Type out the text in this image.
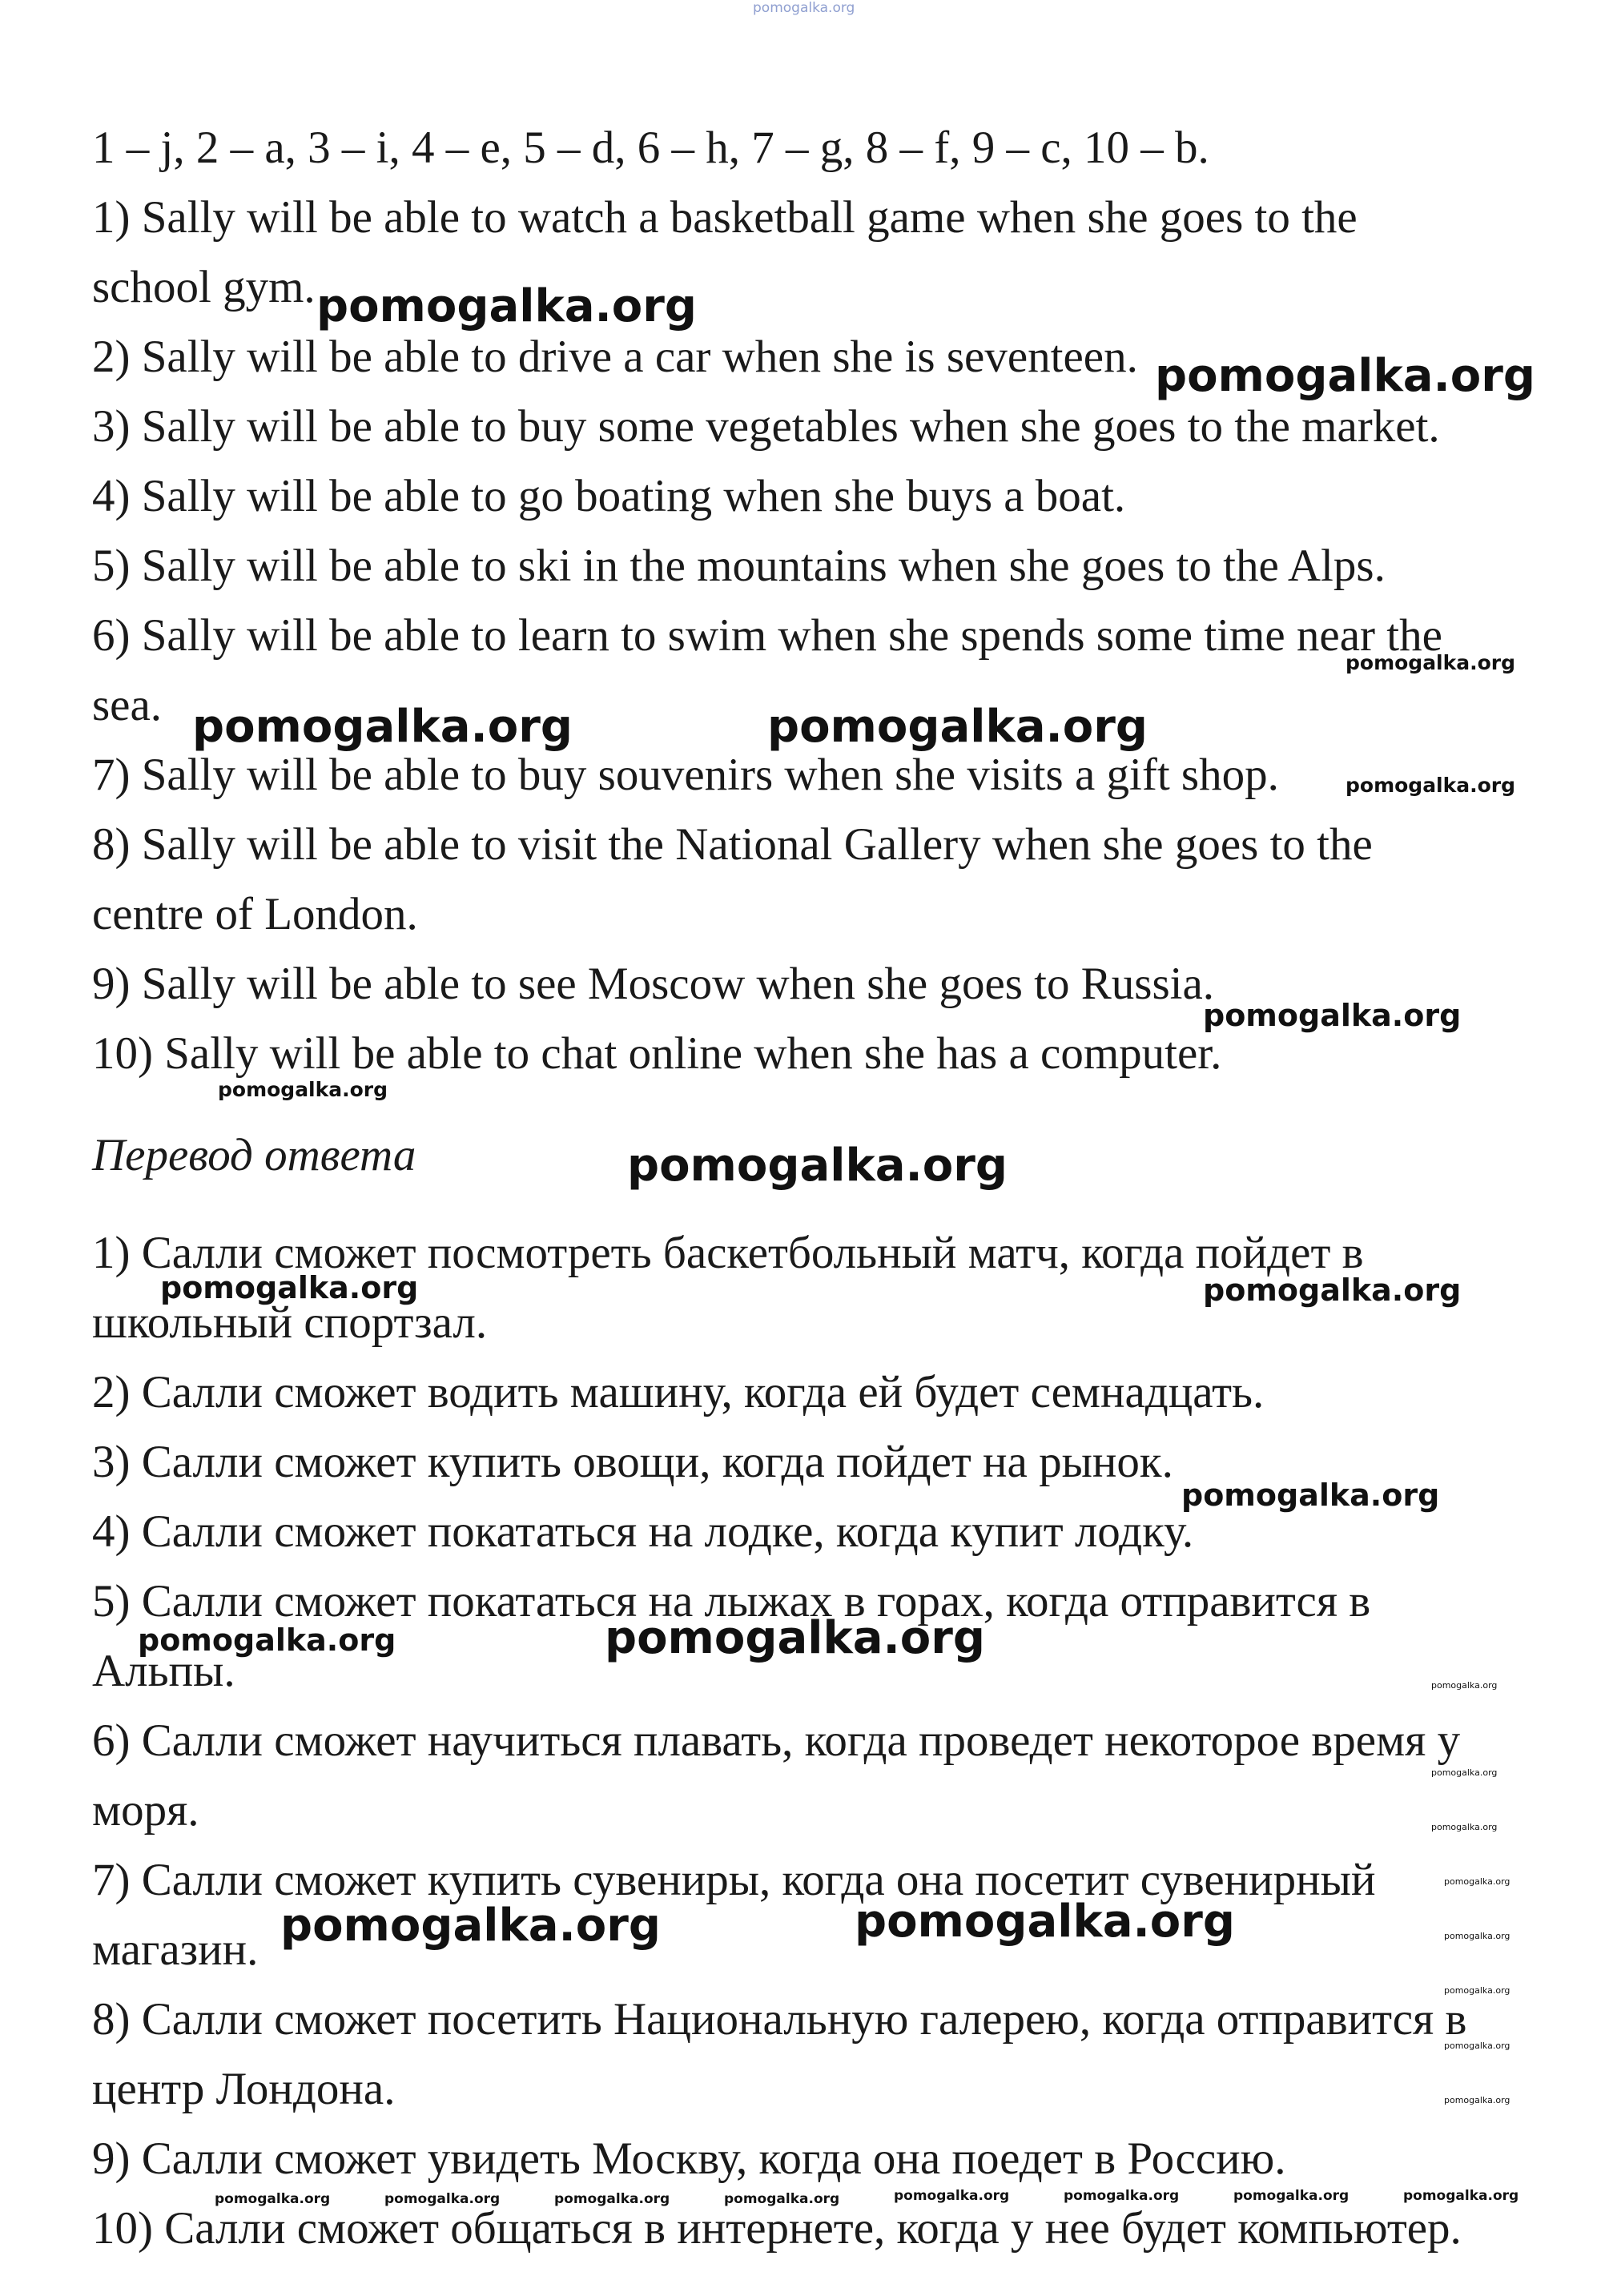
pomogalka.org

1 – j, 2 – a, 3 – i, 4 – e, 5 – d, 6 – h, 7 – g, 8 – f, 9 – c, 10 – b.

1) Sally will be able to watch a basketball game when she goes to the

school gym.

2) Sally will be able to drive a car when she is seventeen.

3) Sally will be able to buy some vegetables when she goes to the market.

4) Sally will be able to go boating when she buys a boat.

5) Sally will be able to ski in the mountains when she goes to the Alps.

6) Sally will be able to learn to swim when she spends some time near the

sea.

7) Sally will be able to buy souvenirs when she visits a gift shop.

8) Sally will be able to visit the National Gallery when she goes to the

centre of London.

9) Sally will be able to see Moscow when she goes to Russia.

10) Sally will be able to chat online when she has a computer.

Перевод ответа

1) Салли сможет посмотреть баскетбольный матч, когда пойдет в

школьный спортзал.

2) Салли сможет водить машину, когда ей будет семнадцать.

3) Салли сможет купить овощи, когда пойдет на рынок.

4) Салли сможет покататься на лодке, когда купит лодку.

5) Салли сможет покататься на лыжах в горах, когда отправится в

Альпы.

6) Салли сможет научиться плавать, когда проведет некоторое время у

моря.

7) Салли сможет купить сувениры, когда она посетит сувенирный

магазин.

8) Салли сможет посетить Национальную галерею, когда отправится в

центр Лондона.

9) Салли сможет увидеть Москву, когда она поедет в Россию.

10) Салли сможет общаться в интернете, когда у нее будет компьютер.

pomogalka.org
pomogalka.org
pomogalka.org	pomogalka.org
pomogalka.org
pomogalka.org
pomogalka.org	pomogalka.org
pomogalka.org
pomogalka.org	pomogalka.org
pomogalka.org
pomogalka.org
pomogalka.org
pomogalka.org
pomogalka.org
pomogalka.org
pomogalka.org
pomogalka.org
pomogalka.org
pomogalka.org
pomogalka.org
pomogalka.org
pomogalka.org
pomogalka.org	pomogalka.org	pomogalka.org	pomogalka.org	pomogalka.org	pomogalka.org	pomogalka.org	pomogalka.org
